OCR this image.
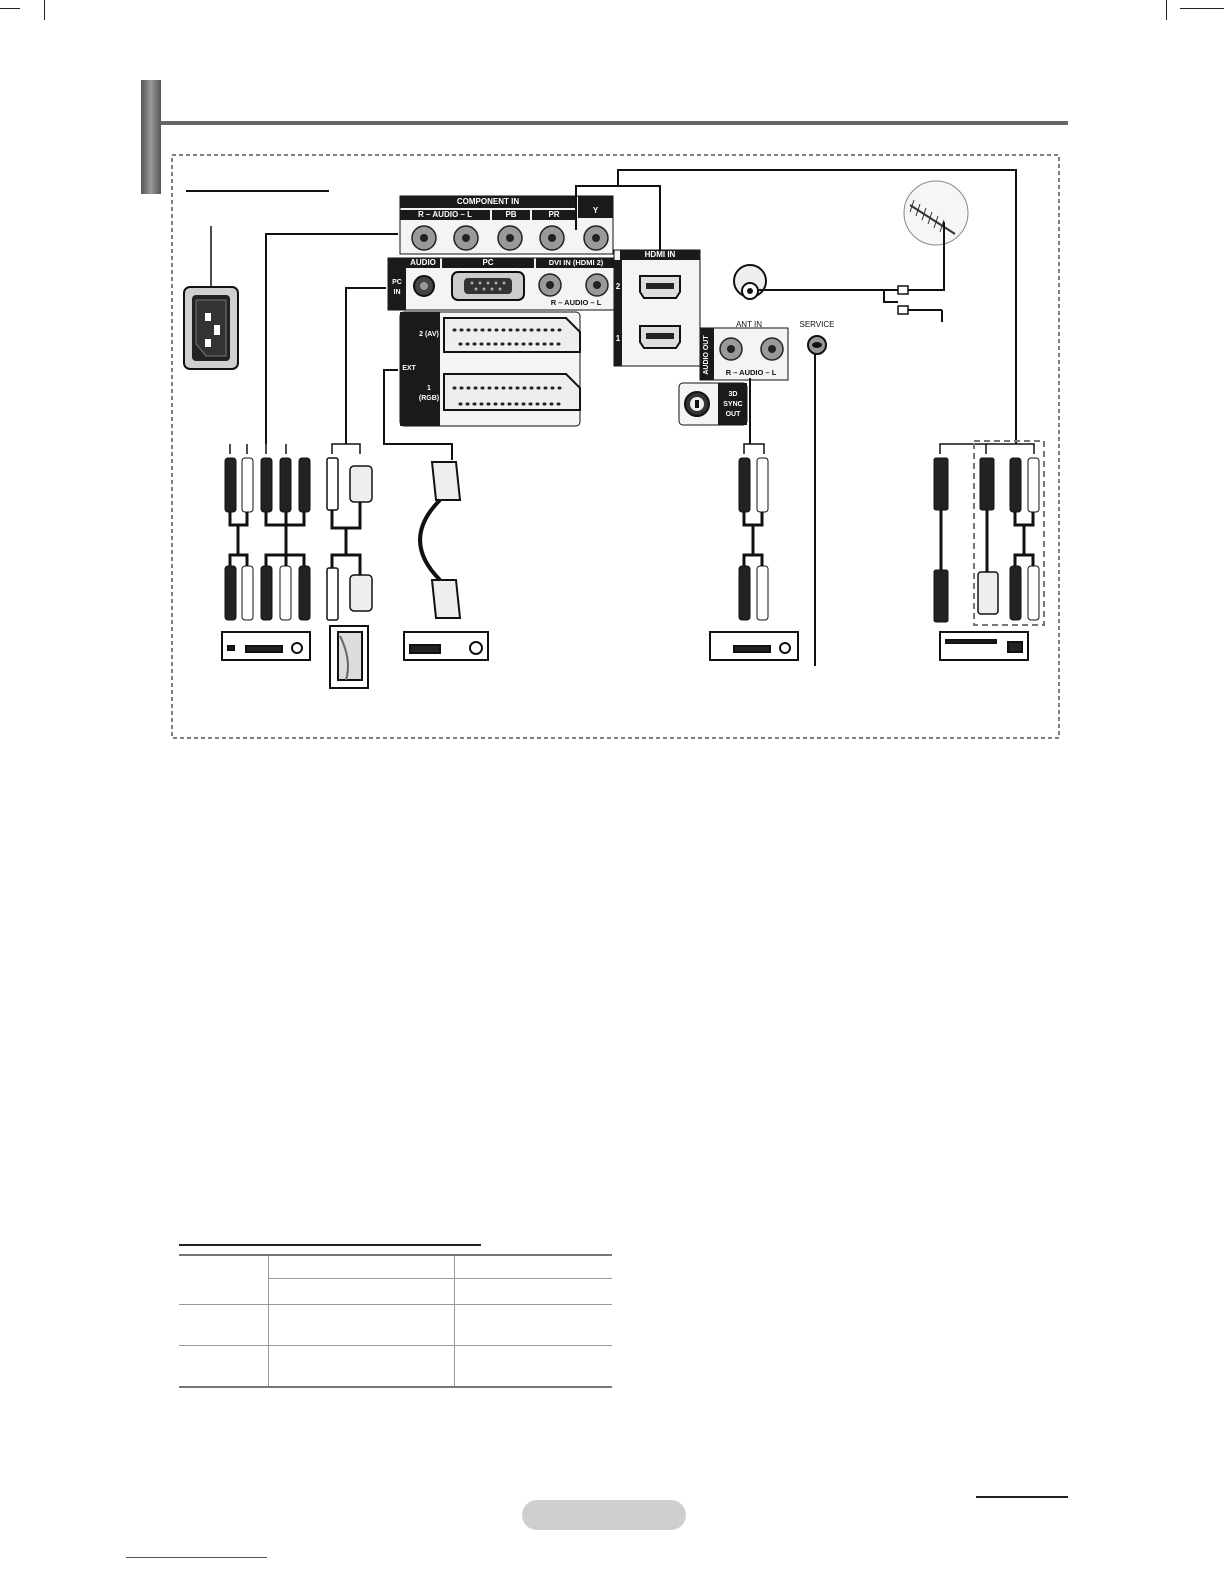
COMPONENT IN
R – AUDIO – L	PB	PR	Y
AUDIO	PC	DVI IN (HDMI 2)
PC IN
R – AUDIO – L
HDMI IN
2
1
EXT
2 (AV)
1 (RGB)
ANT IN	SERVICE
AUDIO OUT	R – AUDIO – L
3D SYNC OUT
